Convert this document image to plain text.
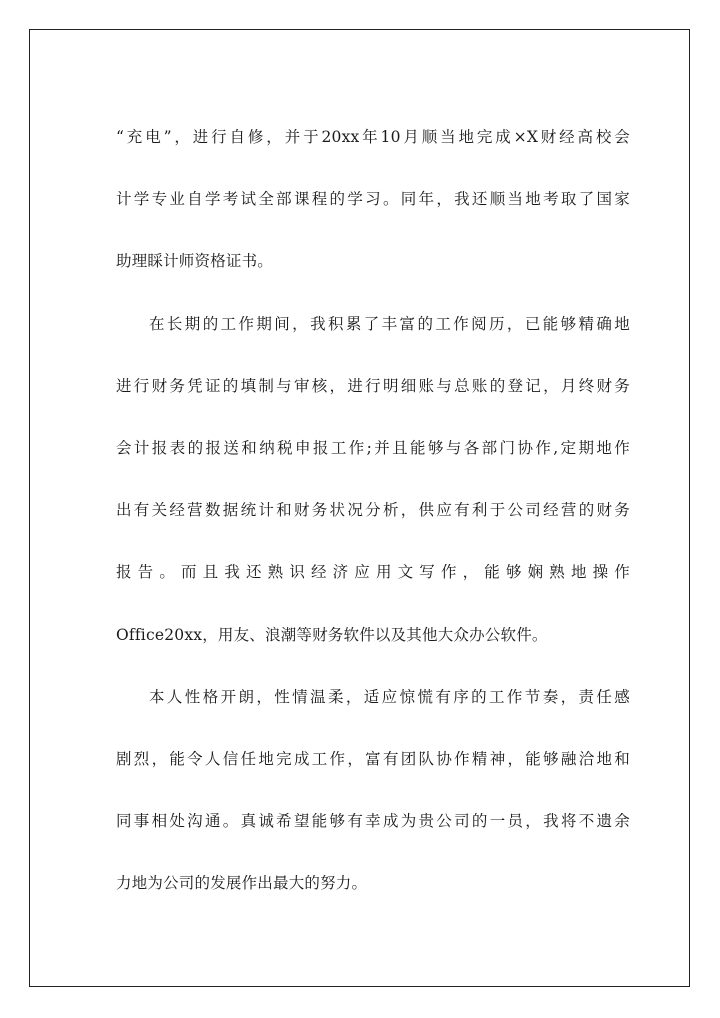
“充电”，进行自修，并于20xx年10月顺当地完成×X财经高校会
计学专业自学考试全部课程的学习。同年，我还顺当地考取了国家
助理睬计师资格证书。
在长期的工作期间，我积累了丰富的工作阅历，已能够精确地
进行财务凭证的填制与审核，进行明细账与总账的登记，月终财务
会计报表的报送和纳税申报工作;并且能够与各部门协作,定期地作
出有关经营数据统计和财务状况分析，供应有利于公司经营的财务
报告。而且我还熟识经济应用文写作，能够娴熟地操作
Office20xx，用友、浪潮等财务软件以及其他大众办公软件。
本人性格开朗，性情温柔，适应惊慌有序的工作节奏，责任感
剧烈，能令人信任地完成工作，富有团队协作精神，能够融洽地和
同事相处沟通。真诚希望能够有幸成为贵公司的一员，我将不遗余
力地为公司的发展作出最大的努力。
